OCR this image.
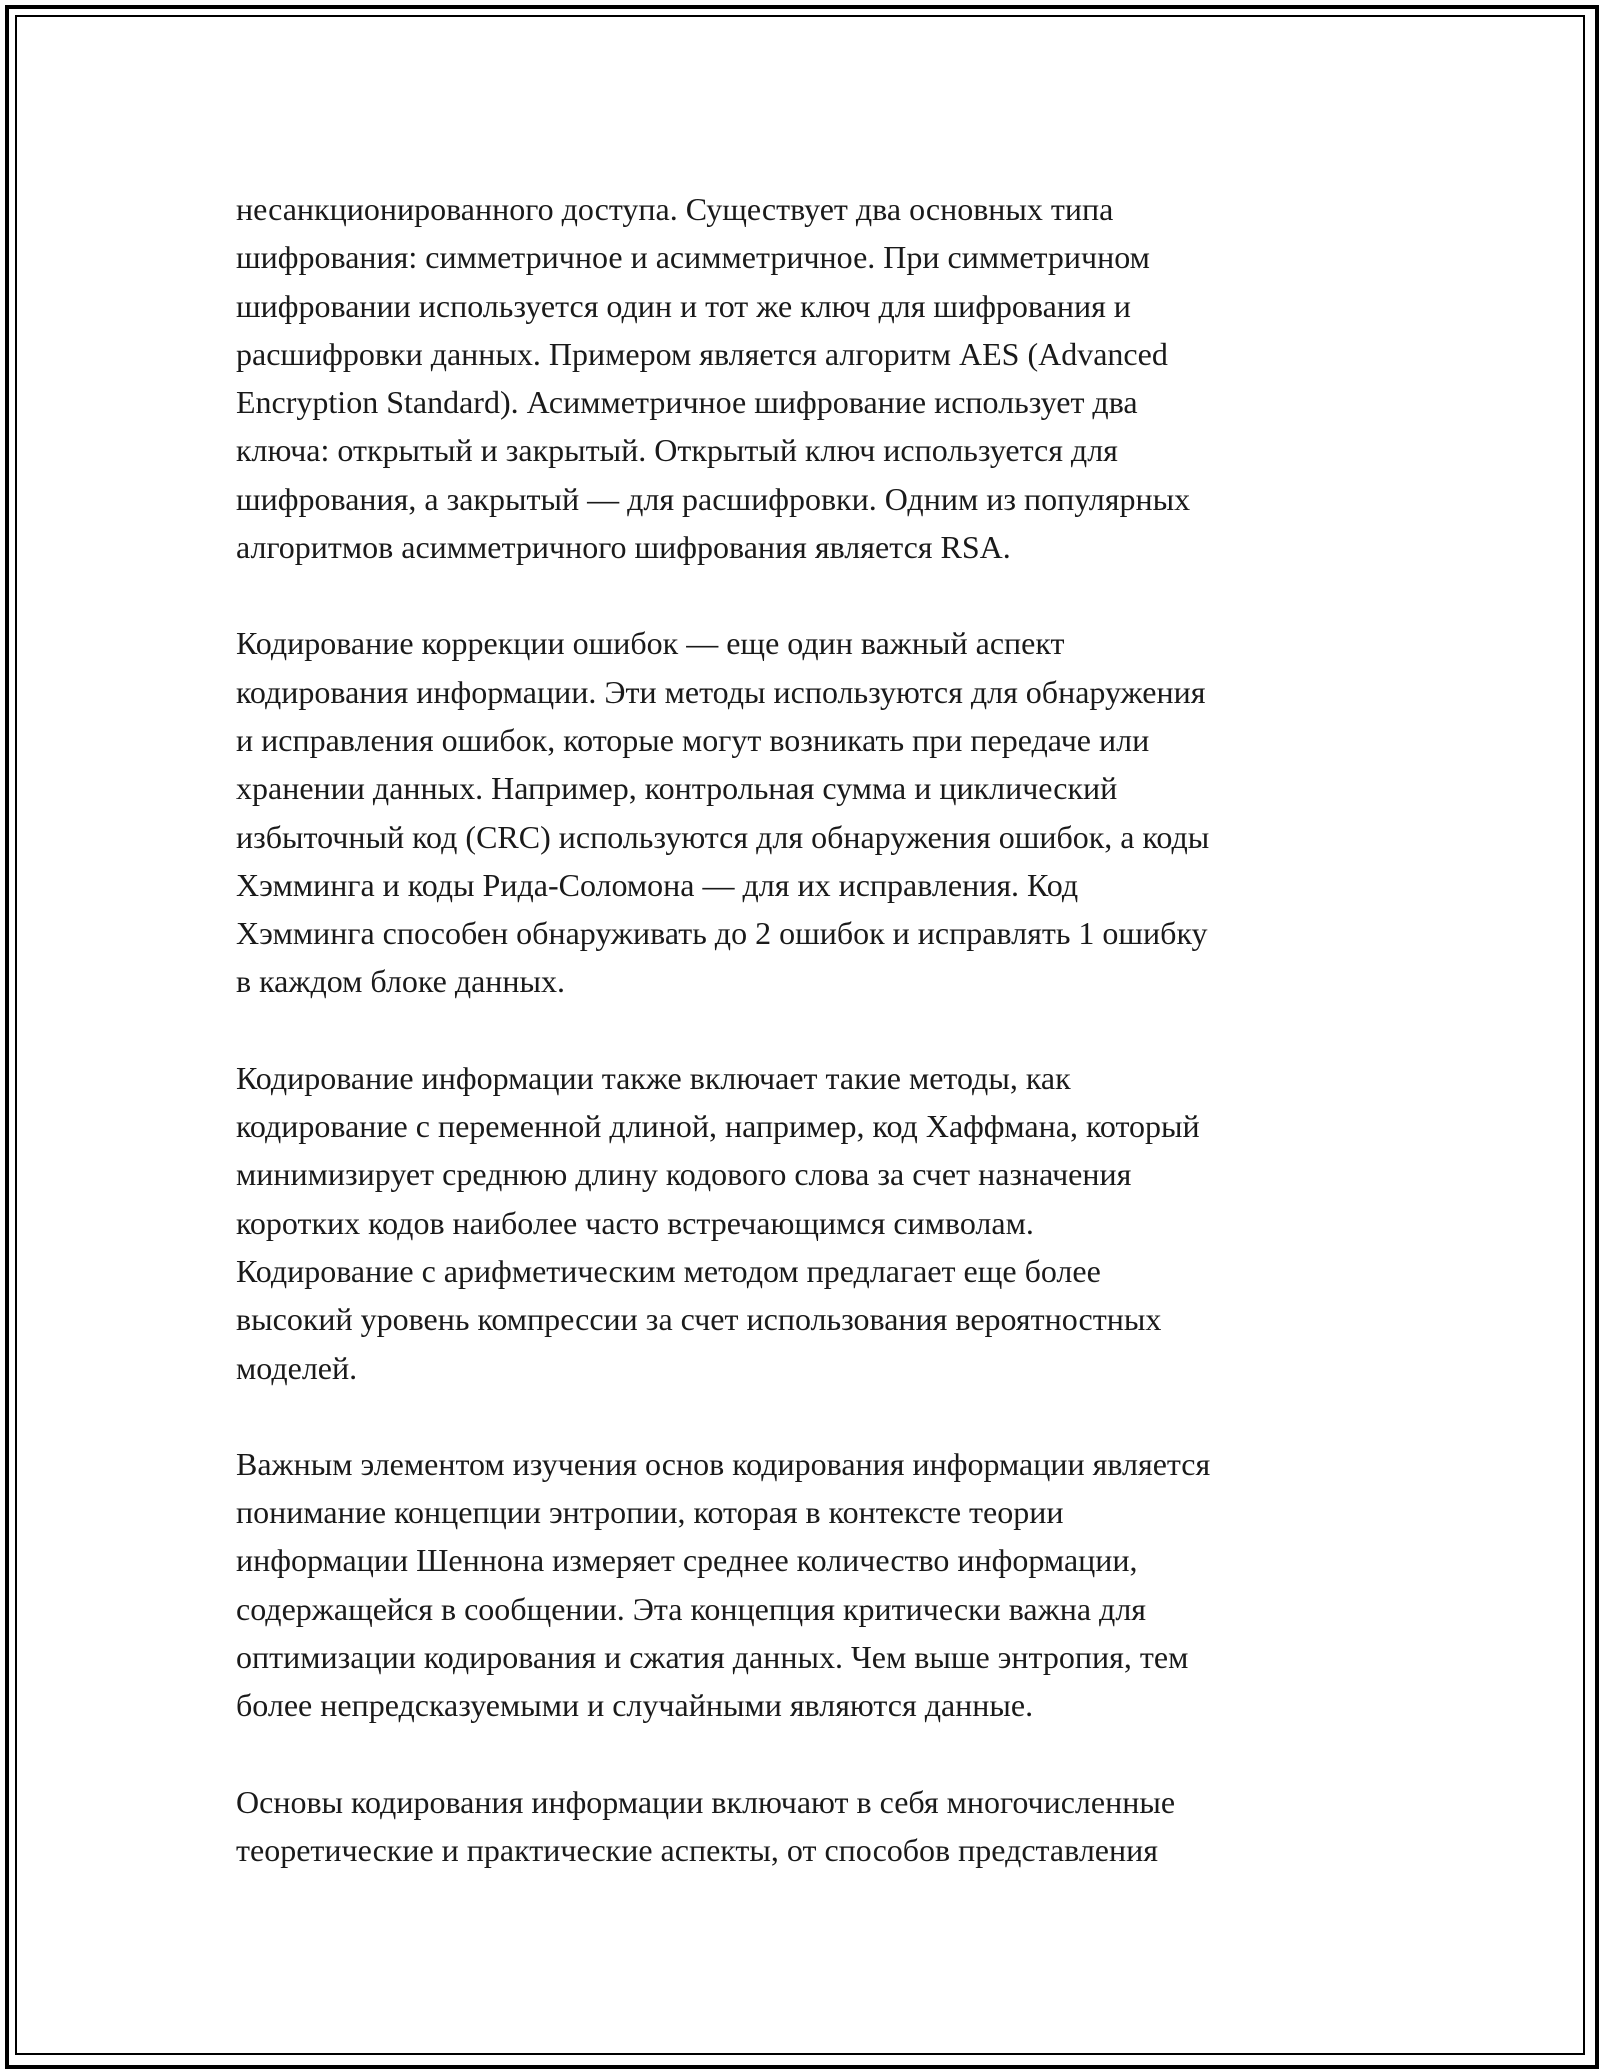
несанкционированного доступа. Существует два основных типа
шифрования: симметричное и асимметричное. При симметричном
шифровании используется один и тот же ключ для шифрования и
расшифровки данных. Примером является алгоритм AES (Advanced
Encryption Standard). Асимметричное шифрование использует два
ключа: открытый и закрытый. Открытый ключ используется для
шифрования, а закрытый — для расшифровки. Одним из популярных
алгоритмов асимметричного шифрования является RSA.

Кодирование коррекции ошибок — еще один важный аспект
кодирования информации. Эти методы используются для обнаружения
и исправления ошибок, которые могут возникать при передаче или
хранении данных. Например, контрольная сумма и циклический
избыточный код (CRC) используются для обнаружения ошибок, а коды
Хэмминга и коды Рида-Соломона — для их исправления. Код
Хэмминга способен обнаруживать до 2 ошибок и исправлять 1 ошибку
в каждом блоке данных.

Кодирование информации также включает такие методы, как
кодирование с переменной длиной, например, код Хаффмана, который
минимизирует среднюю длину кодового слова за счет назначения
коротких кодов наиболее часто встречающимся символам.
Кодирование с арифметическим методом предлагает еще более
высокий уровень компрессии за счет использования вероятностных
моделей.

Важным элементом изучения основ кодирования информации является
понимание концепции энтропии, которая в контексте теории
информации Шеннона измеряет среднее количество информации,
содержащейся в сообщении. Эта концепция критически важна для
оптимизации кодирования и сжатия данных. Чем выше энтропия, тем
более непредсказуемыми и случайными являются данные.

Основы кодирования информации включают в себя многочисленные
теоретические и практические аспекты, от способов представления
